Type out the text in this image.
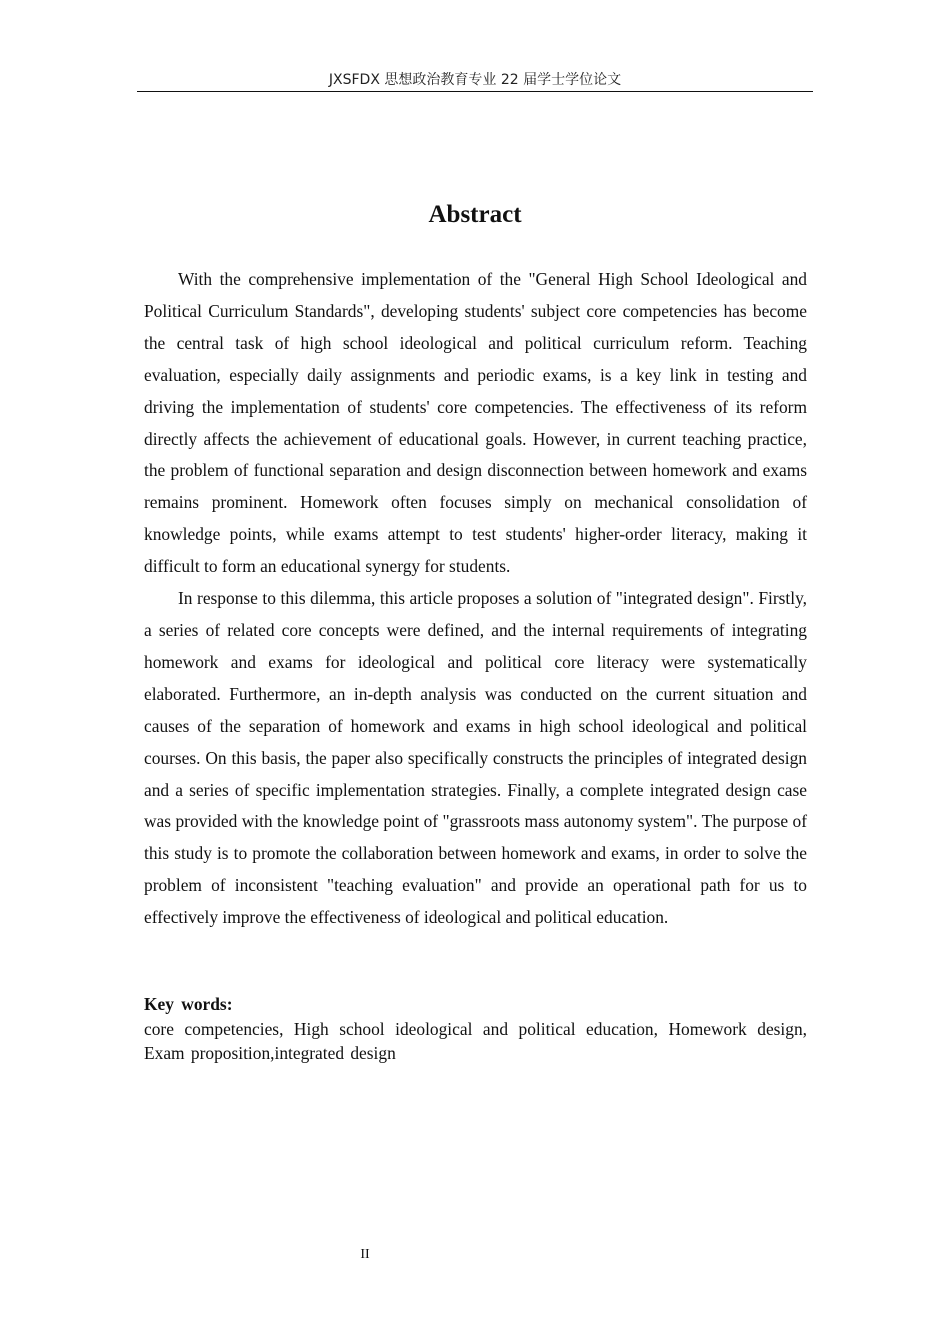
JXSFDX 思想政治教育专业 22 届学士学位论文
Abstract

With the comprehensive implementation of the "General High School Ideological and Political Curriculum Standards", developing students' subject core competencies has become the central task of high school ideological and political curriculum reform. Teaching evaluation, especially daily assignments and periodic exams, is a key link in testing and driving the implementation of students' core competencies. The effectiveness of its reform directly affects the achievement of educational goals. However, in current teaching practice, the problem of functional separation and design disconnection between homework and exams remains prominent. Homework often focuses simply on mechanical consolidation of knowledge points, while exams attempt to test students' higher-order literacy, making it difficult to form an educational synergy for students.

In response to this dilemma, this article proposes a solution of "integrated design". Firstly, a series of related core concepts were defined, and the internal requirements of integrating homework and exams for ideological and political core literacy were systematically elaborated. Furthermore, an in-depth analysis was conducted on the current situation and causes of the separation of homework and exams in high school ideological and political courses. On this basis, the paper also specifically constructs the principles of integrated design and a series of specific implementation strategies. Finally, a complete integrated design case was provided with the knowledge point of "grassroots mass autonomy system". The purpose of this study is to promote the collaboration between homework and exams, in order to solve the problem of inconsistent "teaching evaluation" and provide an operational path for us to effectively improve the effectiveness of ideological and political education.

Key words:
core competencies, High school ideological and political education, Homework design, Exam proposition,integrated design
II
